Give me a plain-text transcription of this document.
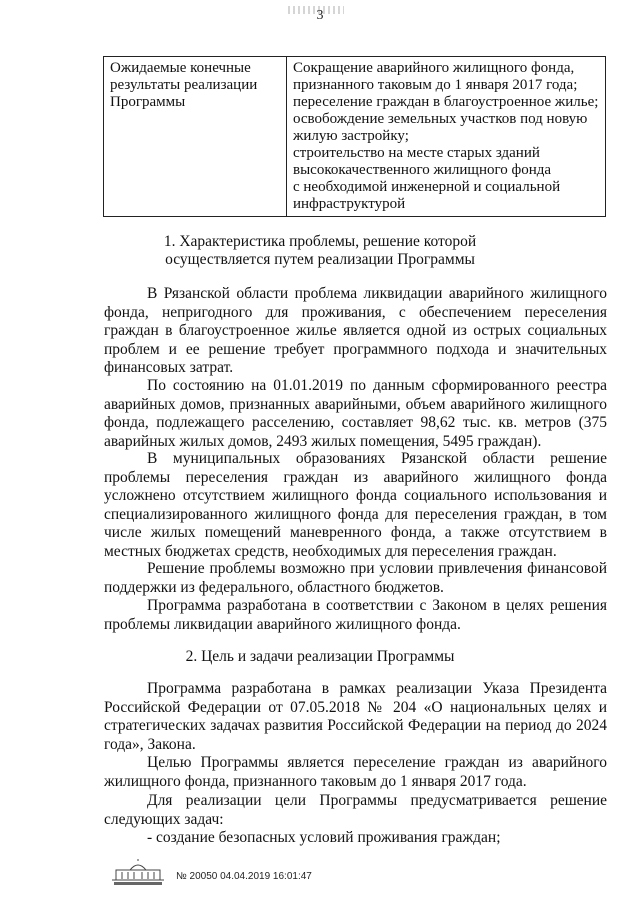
3
Ожидаемые конечные
результаты реализации
Программы

Сокращение аварийного жилищного фонда,
признанного таковым до 1 января 2017 года;
переселение граждан в благоустроенное жилье;
освобождение земельных участков под новую
жилую застройку;
строительство на месте старых зданий
высококачественного жилищного фонда
с необходимой инженерной и социальной
инфраструктурой
1. Характеристика проблемы, решение которой
осуществляется путем реализации Программы
В Рязанской области проблема ликвидации аварийного жилищного фонда, непригодного для проживания, с обеспечением переселения граждан в благоустроенное жилье является одной из острых социальных проблем и ее решение требует программного подхода и значительных финансовых затрат.
По состоянию на 01.01.2019 по данным сформированного реестра аварийных домов, признанных аварийными, объем аварийного жилищного фонда, подлежащего расселению, составляет 98,62 тыс. кв. метров (375 аварийных жилых домов, 2493 жилых помещения, 5495 граждан).
В муниципальных образованиях Рязанской области решение проблемы переселения граждан из аварийного жилищного фонда усложнено отсутствием жилищного фонда социального использования и специализированного жилищного фонда для переселения граждан, в том числе жилых помещений маневренного фонда, а также отсутствием в местных бюджетах средств, необходимых для переселения граждан.
Решение проблемы возможно при условии привлечения финансовой поддержки из федерального, областного бюджетов.
Программа разработана в соответствии с Законом в целях решения проблемы ликвидации аварийного жилищного фонда.
2. Цель и задачи реализации Программы
Программа разработана в рамках реализации Указа Президента Российской Федерации от 07.05.2018 № 204 «О национальных целях и стратегических задачах развития Российской Федерации на период до 2024 года», Закона.
Целью Программы является переселение граждан из аварийного жилищного фонда, признанного таковым до 1 января 2017 года.
Для реализации цели Программы предусматривается решение следующих задач:
- создание безопасных условий проживания граждан;
№ 20050 04.04.2019 16:01:47
